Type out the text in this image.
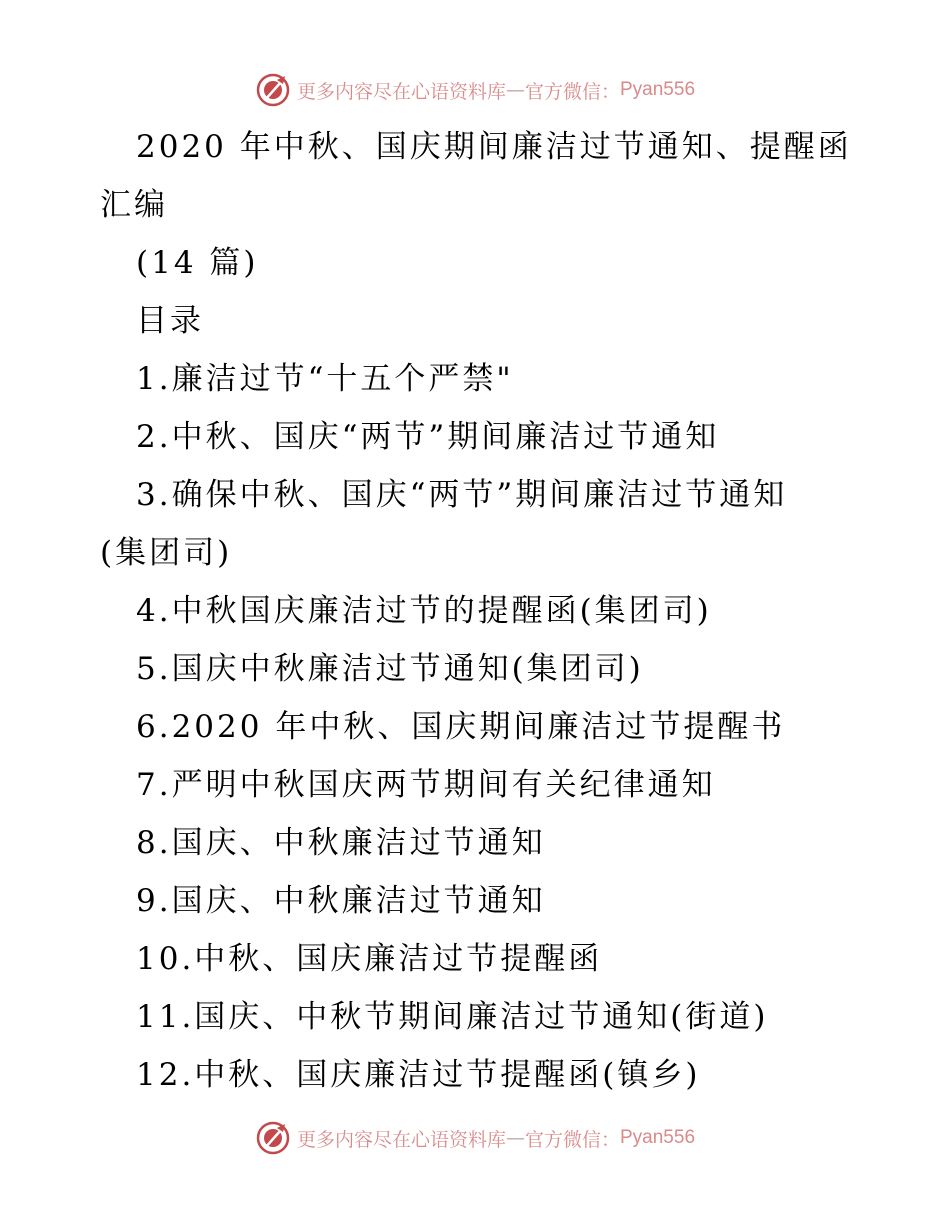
更多内容尽在心语资料库 — 官方微信： Pyan556
2020 年中秋、国庆期间廉洁过节通知、提醒函
汇编
(14 篇)
目录
1.廉洁过节“十五个严禁"
2.中秋、国庆“两节”期间廉洁过节通知
3.确保中秋、国庆“两节”期间廉洁过节通知
(集团司)
4.中秋国庆廉洁过节的提醒函(集团司)
5.国庆中秋廉洁过节通知(集团司)
6.2020 年中秋、国庆期间廉洁过节提醒书
7.严明中秋国庆两节期间有关纪律通知
8.国庆、中秋廉洁过节通知
9.国庆、中秋廉洁过节通知
10.中秋、国庆廉洁过节提醒函
11.国庆、中秋节期间廉洁过节通知(街道)
12.中秋、国庆廉洁过节提醒函(镇乡)
更多内容尽在心语资料库 — 官方微信： Pyan556
